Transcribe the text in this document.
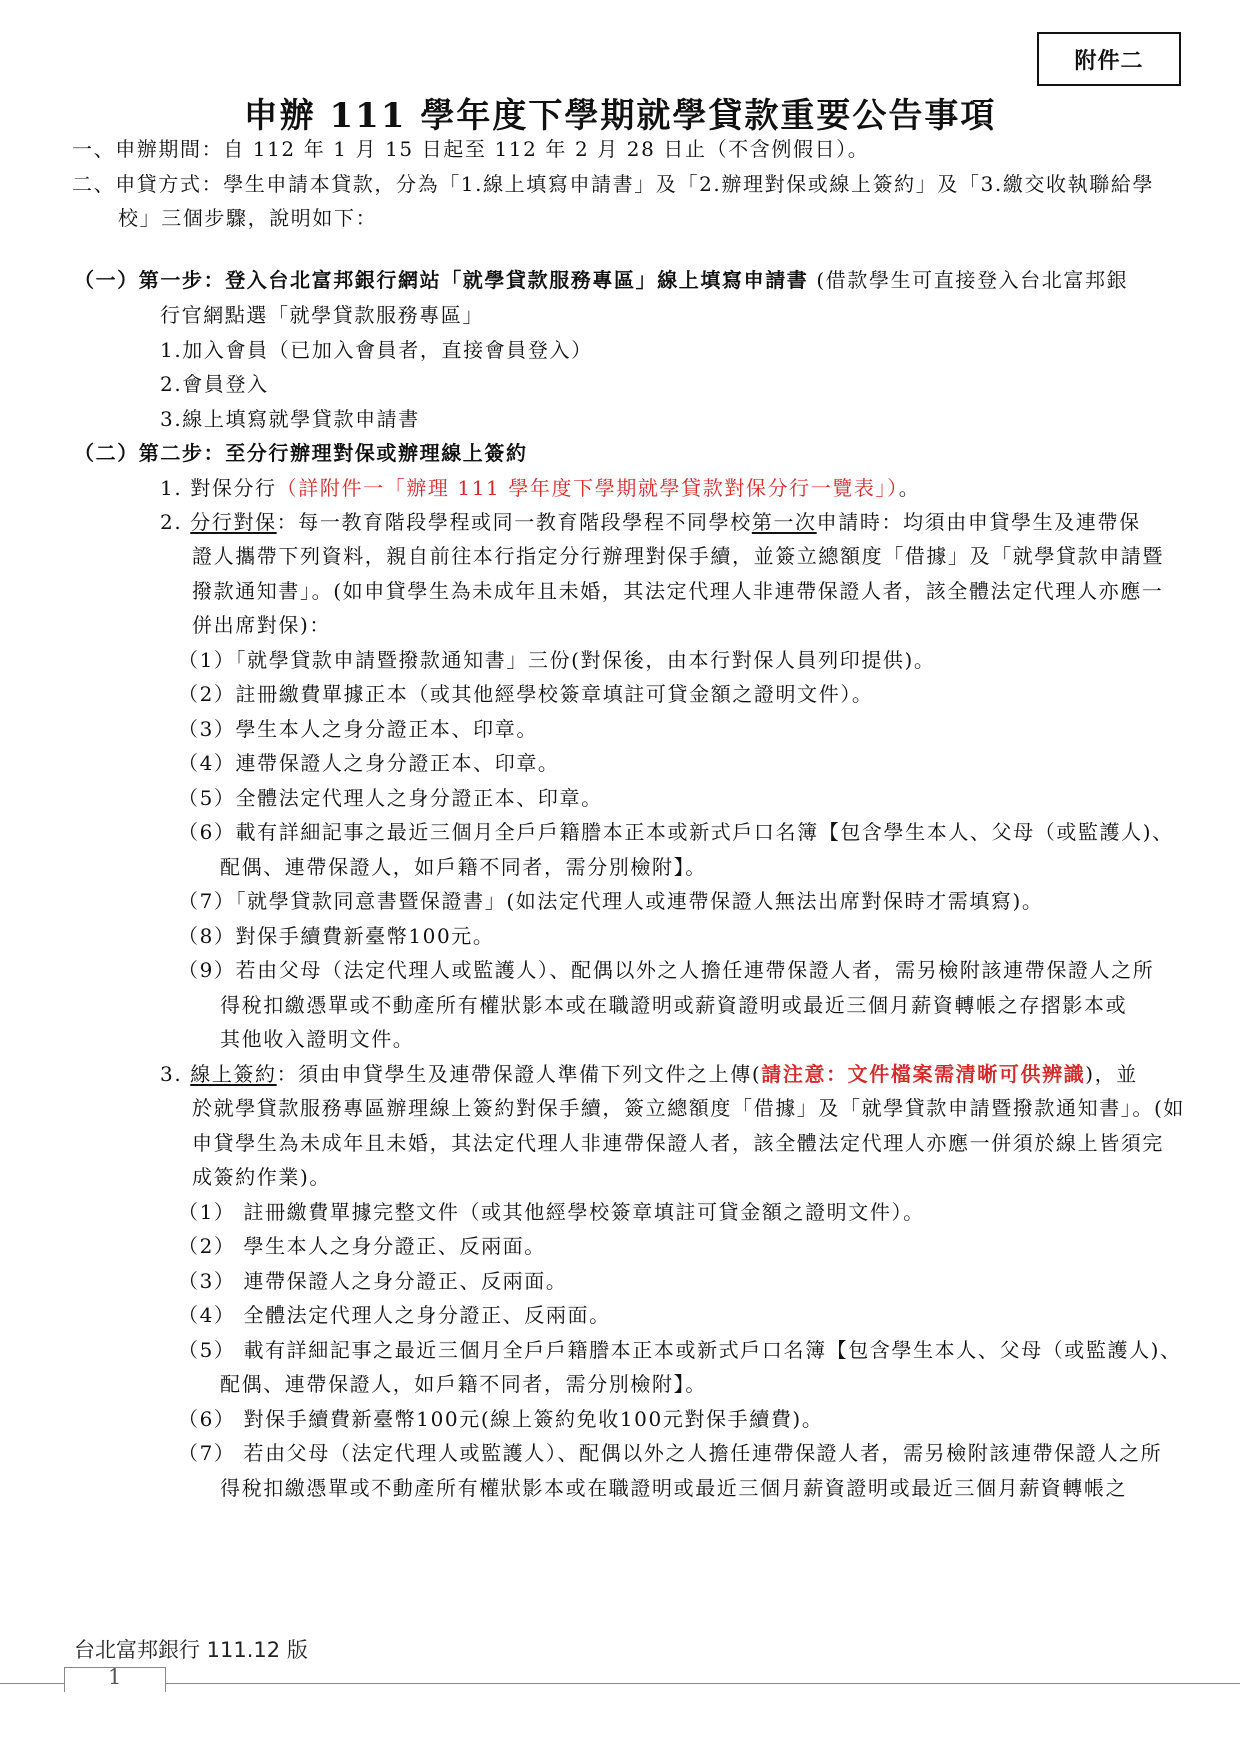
附件二
申辦 111 學年度下學期就學貸款重要公告事項
一、申辦期間：自 112 年 1 月 15 日起至 112 年 2 月 28 日止（不含例假日）。
二、申貸方式：學生申請本貸款，分為「1.線上填寫申請書」及「2.辦理對保或線上簽約」及「3.繳交收執聯給學
校」三個步驟，說明如下：
（一）第一步：登入台北富邦銀行網站「就學貸款服務專區」線上填寫申請書 (借款學生可直接登入台北富邦銀
行官網點選「就學貸款服務專區」
1.加入會員（已加入會員者，直接會員登入）
2.會員登入
3.線上填寫就學貸款申請書
（二）第二步：至分行辦理對保或辦理線上簽約
1. 對保分行（詳附件一「辦理 111 學年度下學期就學貸款對保分行一覽表」）。
2. 分行對保：每一教育階段學程或同一教育階段學程不同學校第一次申請時：均須由申貸學生及連帶保
證人攜帶下列資料，親自前往本行指定分行辦理對保手續，並簽立總額度「借據」及「就學貸款申請暨
撥款通知書」。(如申貸學生為未成年且未婚，其法定代理人非連帶保證人者，該全體法定代理人亦應一
併出席對保)：
（1）「就學貸款申請暨撥款通知書」三份(對保後，由本行對保人員列印提供)。
（2）註冊繳費單據正本（或其他經學校簽章填註可貸金額之證明文件）。
（3）學生本人之身分證正本、印章。
（4）連帶保證人之身分證正本、印章。
（5）全體法定代理人之身分證正本、印章。
（6）載有詳細記事之最近三個月全戶戶籍謄本正本或新式戶口名簿【包含學生本人、父母（或監護人)、
配偶、連帶保證人，如戶籍不同者，需分別檢附】。
（7）「就學貸款同意書暨保證書」(如法定代理人或連帶保證人無法出席對保時才需填寫)。
（8）對保手續費新臺幣100元。
（9）若由父母（法定代理人或監護人）、配偶以外之人擔任連帶保證人者，需另檢附該連帶保證人之所
得稅扣繳憑單或不動產所有權狀影本或在職證明或薪資證明或最近三個月薪資轉帳之存摺影本或
其他收入證明文件。
3. 線上簽約：須由申貸學生及連帶保證人準備下列文件之上傳(請注意：文件檔案需清晰可供辨識)，並
於就學貸款服務專區辦理線上簽約對保手續，簽立總額度「借據」及「就學貸款申請暨撥款通知書」。(如
申貸學生為未成年且未婚，其法定代理人非連帶保證人者，該全體法定代理人亦應一併須於線上皆須完
成簽約作業)。
（1） 註冊繳費單據完整文件（或其他經學校簽章填註可貸金額之證明文件）。
（2） 學生本人之身分證正、反兩面。
（3） 連帶保證人之身分證正、反兩面。
（4） 全體法定代理人之身分證正、反兩面。
（5） 載有詳細記事之最近三個月全戶戶籍謄本正本或新式戶口名簿【包含學生本人、父母（或監護人)、
配偶、連帶保證人，如戶籍不同者，需分別檢附】。
（6） 對保手續費新臺幣100元(線上簽約免收100元對保手續費)。
（7） 若由父母（法定代理人或監護人）、配偶以外之人擔任連帶保證人者，需另檢附該連帶保證人之所
得稅扣繳憑單或不動產所有權狀影本或在職證明或最近三個月薪資證明或最近三個月薪資轉帳之
台北富邦銀行 111.12 版
1
